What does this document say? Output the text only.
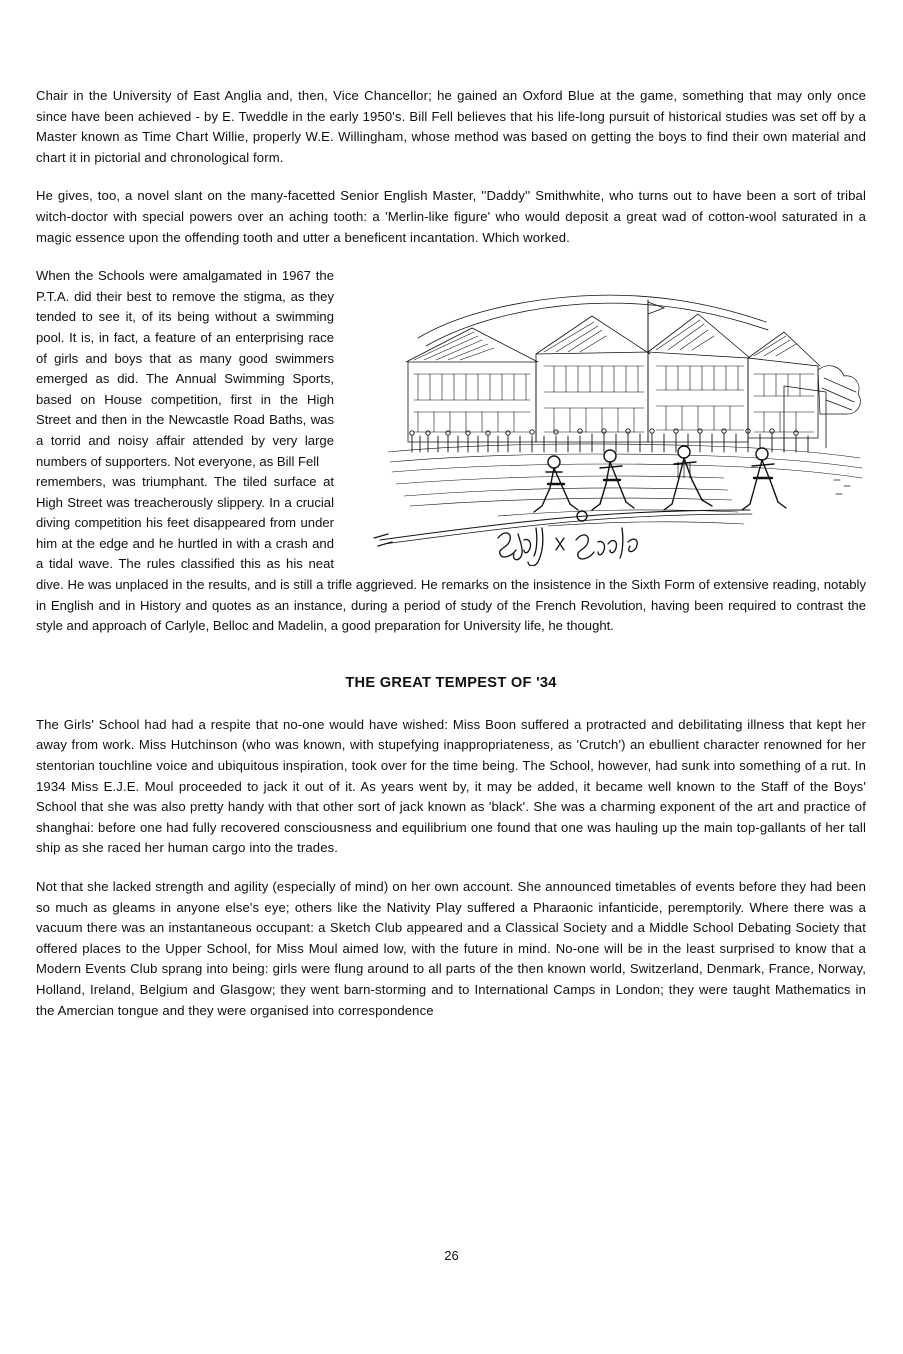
Chair in the University of East Anglia and, then, Vice Chancellor; he gained an Oxford Blue at the game, something that may only once since have been achieved - by E. Tweddle in the early 1950's. Bill Fell believes that his life-long pursuit of historical studies was set off by a Master known as Time Chart Willie, properly W.E. Willingham, whose method was based on getting the boys to find their own material and chart it in pictorial and chronological form.

He gives, too, a novel slant on the many-facetted Senior English Master, ''Daddy'' Smithwhite, who turns out to have been a sort of tribal witch-doctor with special powers over an aching tooth: a 'Merlin-like figure' who would deposit a great wad of cotton-wool saturated in a magic essence upon the offending tooth and utter a beneficent incantation. Which worked.

When the Schools were amalgamated in 1967 the P.T.A. did their best to remove the stigma, as they tended to see it, of its being without a swimming pool. It is, in fact, a feature of an enterprising race of girls and boys that as many good swimmers emerged as did. The Annual Swimming Sports, based on House competition, first in the High Street and then in the Newcastle Road Baths, was a torrid and noisy affair attended by very large numbers of supporters. Not everyone, as Bill Fell

remembers, was triumphant. The tiled surface at High Street was treacherously slippery. In a crucial diving competition his feet disappeared from under him at the edge and he hurtled in with a crash and a tidal wave. The rules classified this as his neat dive. He was unplaced in the results, and is still a trifle aggrieved. He remarks on the insistence in the Sixth Form of extensive reading, notably in English and in History and quotes as an instance, during a period of study of the French Revolution, having been required to contrast the style and approach of Carlyle, Belloc and Madelin, a good preparation for University life, he thought.

THE GREAT TEMPEST OF '34

The Girls' School had had a respite that no-one would have wished: Miss Boon suffered a protracted and debilitating illness that kept her away from work. Miss Hutchinson (who was known, with stupefying inappropriateness, as 'Crutch') an ebullient character renowned for her stentorian touchline voice and ubiquitous inspiration, took over for the time being. The School, however, had sunk into something of a rut. In 1934 Miss E.J.E. Moul proceeded to jack it out of it. As years went by, it may be added, it became well known to the Staff of the Boys' School that she was also pretty handy with that other sort of jack known as 'black'. She was a charming exponent of the art and practice of shanghai: before one had fully recovered consciousness and equilibrium one found that one was hauling up the main top-gallants of her tall ship as she raced her human cargo into the trades.

Not that she lacked strength and agility (especially of mind) on her own account. She announced timetables of events before they had been so much as gleams in anyone else's eye; others like the Nativity Play suffered a Pharaonic infanticide, peremptorily. Where there was a vacuum there was an instantaneous occupant: a Sketch Club appeared and a Classical Society and a Middle School Debating Society that offered places to the Upper School, for Miss Moul aimed low, with the future in mind. No-one will be in the least surprised to know that a Modern Events Club sprang into being: girls were flung around to all parts of the then known world, Switzerland, Denmark, France, Norway, Holland, Ireland, Belgium and Glasgow; they went barn-storming and to International Camps in London; they were taught Mathematics in the Amercian tongue and they were organised into correspondence

26
